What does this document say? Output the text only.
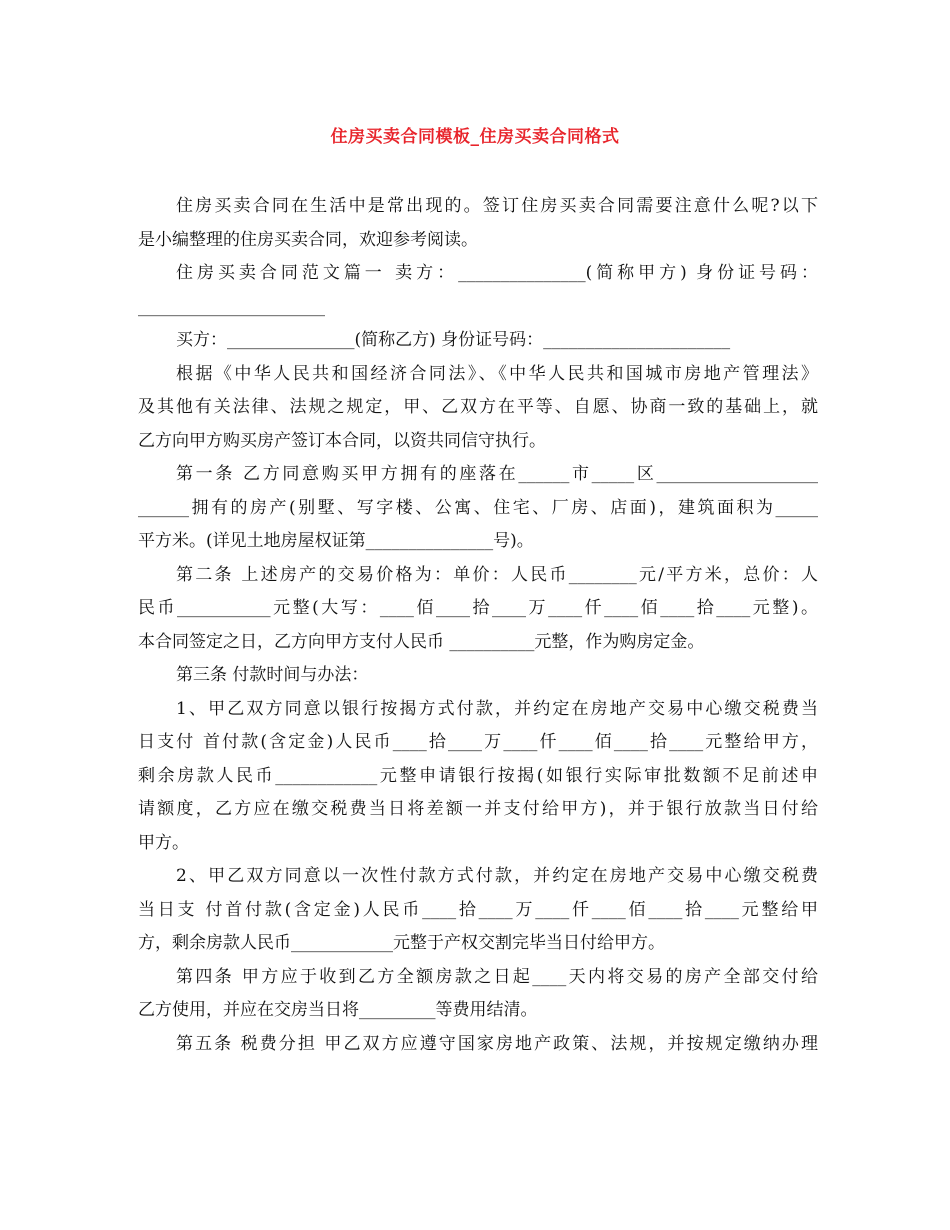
住房买卖合同模板_住房买卖合同格式
住房买卖合同在生活中是常出现的。签订住房买卖合同需要注意什么呢?以下
是小编整理的住房买卖合同，欢迎参考阅读。
住房买卖合同范文篇一 卖方：_______________(简称甲方) 身份证号码：
______________________
买方：_______________(简称乙方) 身份证号码：______________________
根据《中华人民共和国经济合同法》、《中华人民共和国城市房地产管理法》
及其他有关法律、法规之规定，甲、乙双方在平等、自愿、协商一致的基础上，就
乙方向甲方购买房产签订本合同，以资共同信守执行。
第一条 乙方同意购买甲方拥有的座落在______市_____区___________________
______拥有的房产(别墅、写字楼、公寓、住宅、厂房、店面)，建筑面积为_____
平方米。(详见土地房屋权证第_______________号)。
第二条 上述房产的交易价格为：单价：人民币________元/平方米，总价：人
民币___________元整(大写：____佰____拾____万____仟____佰____拾____元整)。
本合同签定之日，乙方向甲方支付人民币 __________元整，作为购房定金。
第三条 付款时间与办法：
1、甲乙双方同意以银行按揭方式付款，并约定在房地产交易中心缴交税费当
日支付 首付款(含定金)人民币____拾____万____仟____佰____拾____元整给甲方，
剩余房款人民币____________元整申请银行按揭(如银行实际审批数额不足前述申
请额度，乙方应在缴交税费当日将差额一并支付给甲方)，并于银行放款当日付给
甲方。
2、甲乙双方同意以一次性付款方式付款，并约定在房地产交易中心缴交税费
当日支 付首付款(含定金)人民币____拾____万____仟____佰____拾____元整给甲
方，剩余房款人民币____________元整于产权交割完毕当日付给甲方。
第四条 甲方应于收到乙方全额房款之日起____天内将交易的房产全部交付给
乙方使用，并应在交房当日将_________等费用结清。
第五条 税费分担 甲乙双方应遵守国家房地产政策、法规，并按规定缴纳办理
